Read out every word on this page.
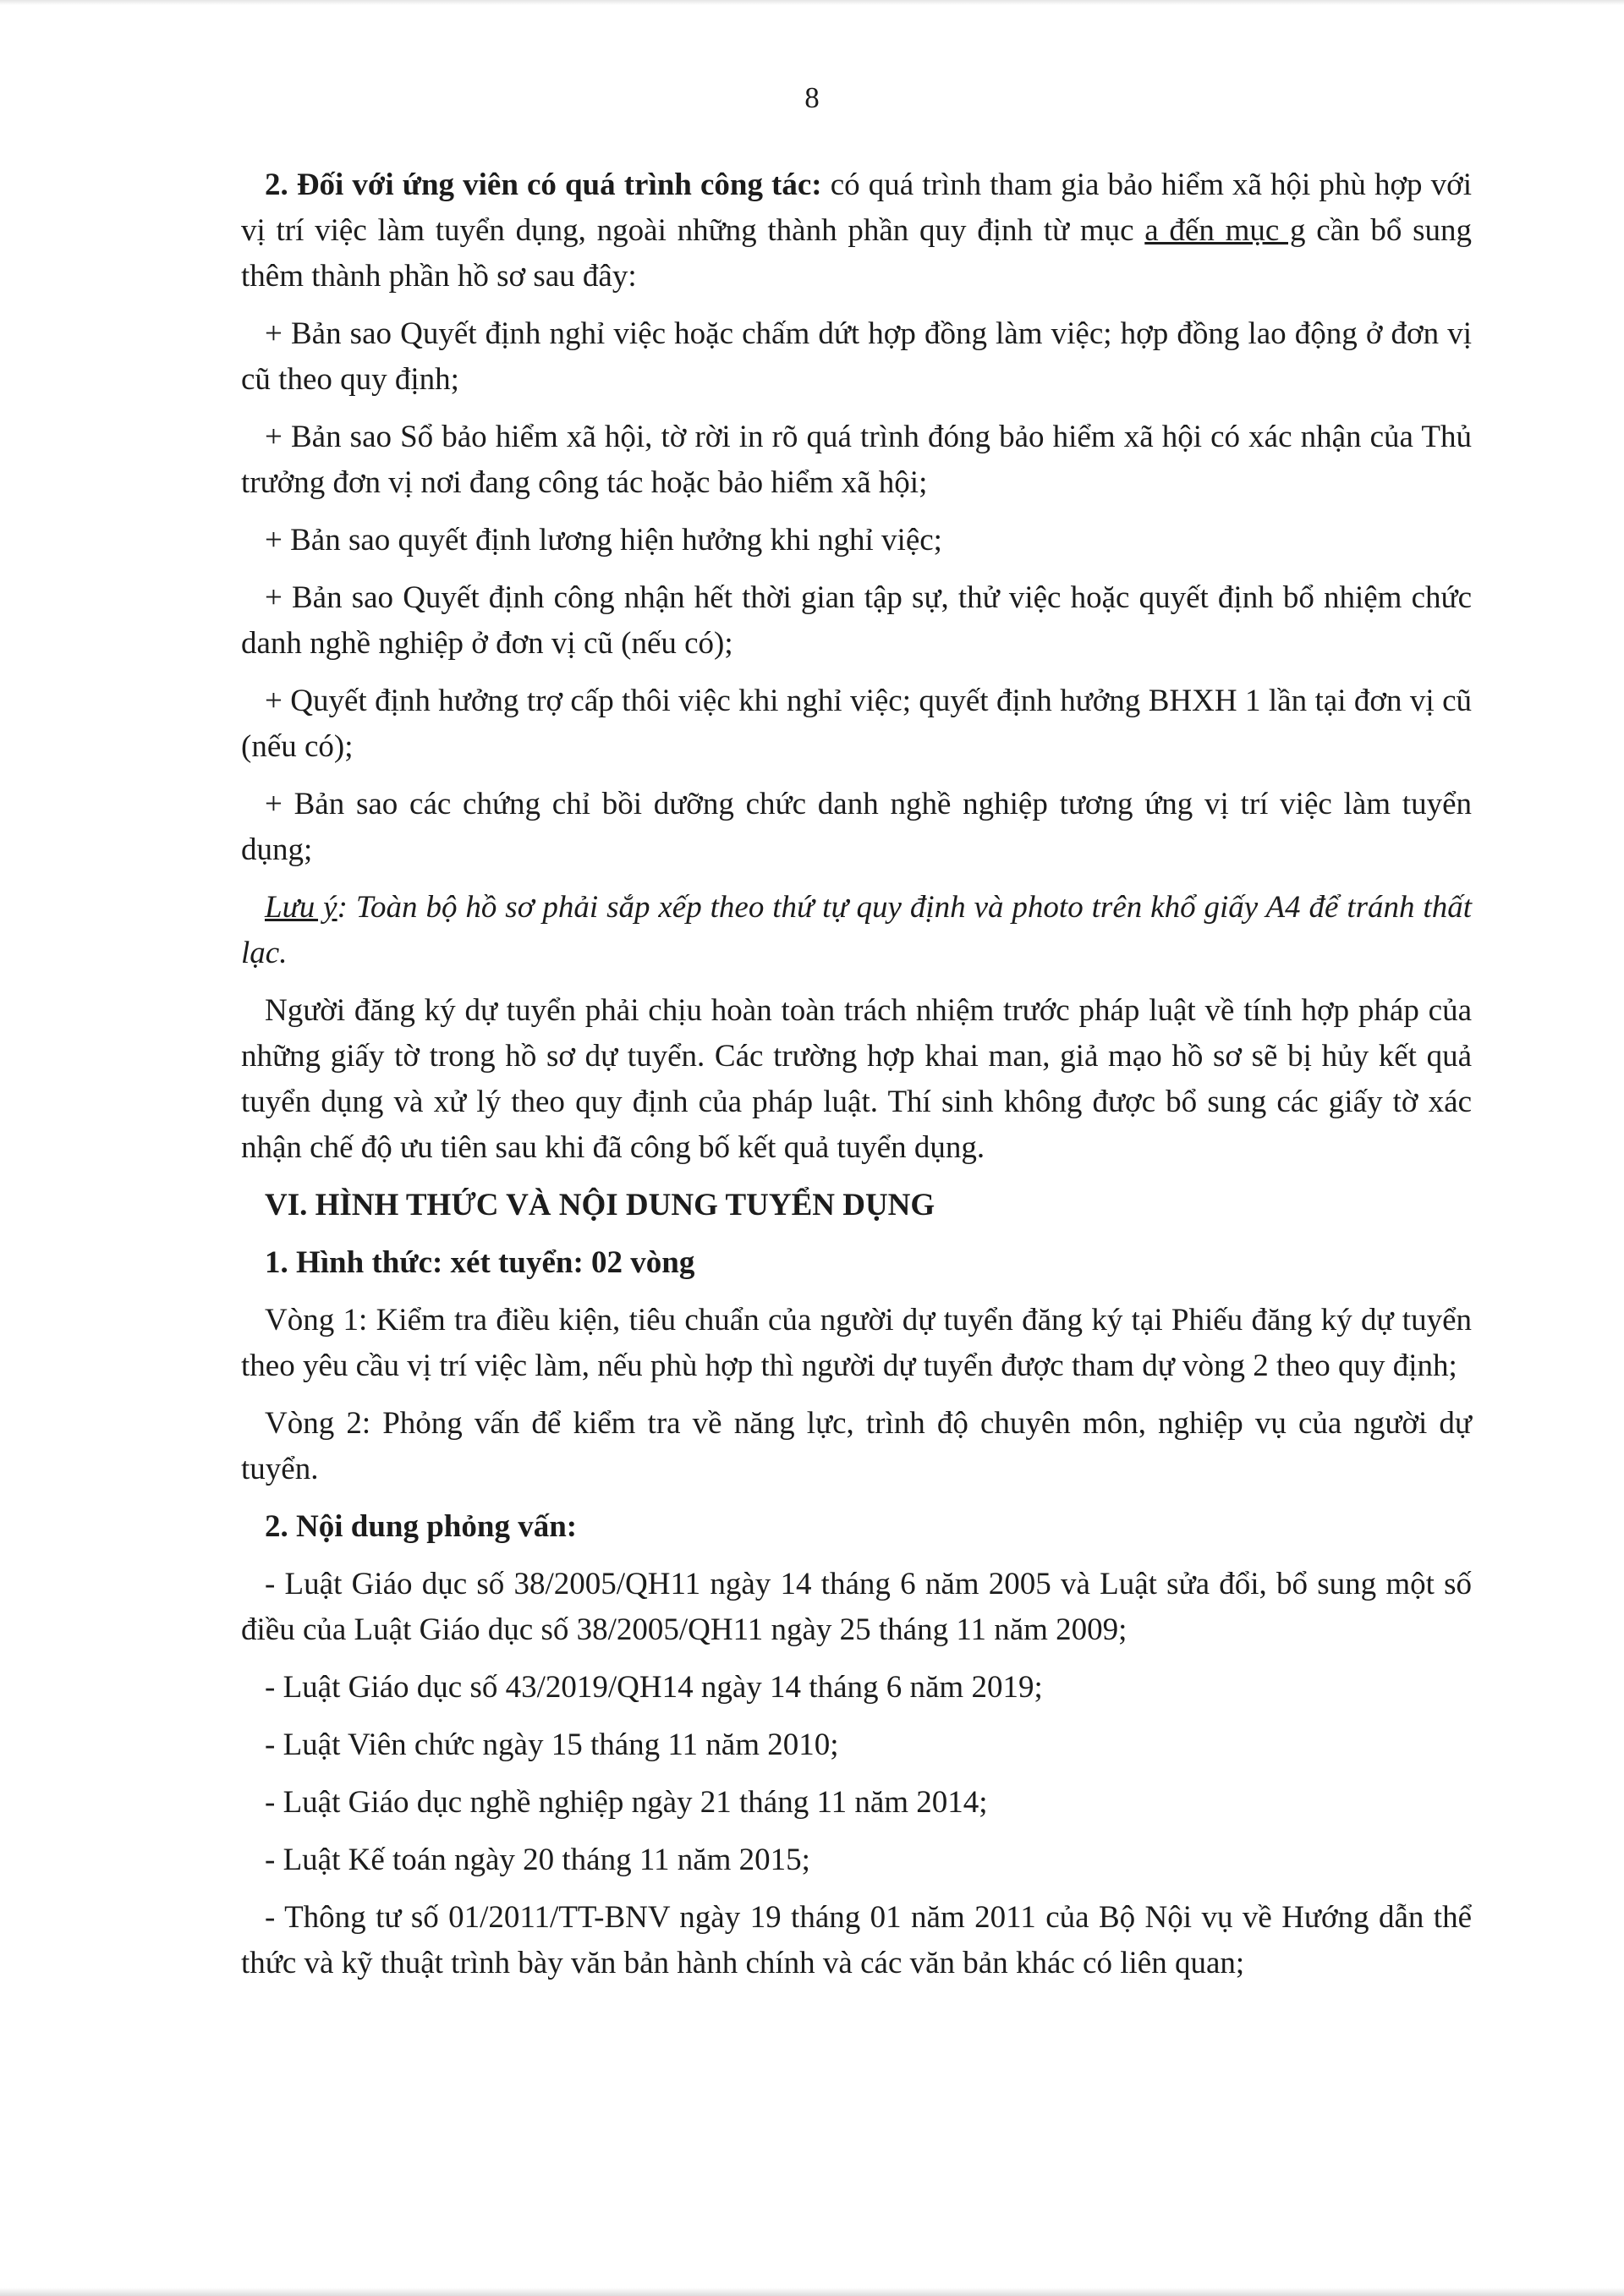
8

2. Đối với ứng viên có quá trình công tác: có quá trình tham gia bảo hiểm xã hội phù hợp với vị trí việc làm tuyển dụng, ngoài những thành phần quy định từ mục a đến mục g cần bổ sung thêm thành phần hồ sơ sau đây:

+ Bản sao Quyết định nghỉ việc hoặc chấm dứt hợp đồng làm việc; hợp đồng lao động ở đơn vị cũ theo quy định;

+ Bản sao Sổ bảo hiểm xã hội, tờ rời in rõ quá trình đóng bảo hiểm xã hội có xác nhận của Thủ trưởng đơn vị nơi đang công tác hoặc bảo hiểm xã hội;

+ Bản sao quyết định lương hiện hưởng khi nghỉ việc;

+ Bản sao Quyết định công nhận hết thời gian tập sự, thử việc hoặc quyết định bổ nhiệm chức danh nghề nghiệp ở đơn vị cũ (nếu có);

+ Quyết định hưởng trợ cấp thôi việc khi nghỉ việc; quyết định hưởng BHXH 1 lần tại đơn vị cũ (nếu có);

+ Bản sao các chứng chỉ bồi dưỡng chức danh nghề nghiệp tương ứng vị trí việc làm tuyển dụng;

Lưu ý: Toàn bộ hồ sơ phải sắp xếp theo thứ tự quy định và photo trên khổ giấy A4 để tránh thất lạc.

Người đăng ký dự tuyển phải chịu hoàn toàn trách nhiệm trước pháp luật về tính hợp pháp của những giấy tờ trong hồ sơ dự tuyển. Các trường hợp khai man, giả mạo hồ sơ sẽ bị hủy kết quả tuyển dụng và xử lý theo quy định của pháp luật. Thí sinh không được bổ sung các giấy tờ xác nhận chế độ ưu tiên sau khi đã công bố kết quả tuyển dụng.

VI. HÌNH THỨC VÀ NỘI DUNG TUYỂN DỤNG

1. Hình thức: xét tuyển: 02 vòng

Vòng 1: Kiểm tra điều kiện, tiêu chuẩn của người dự tuyển đăng ký tại Phiếu đăng ký dự tuyển theo yêu cầu vị trí việc làm, nếu phù hợp thì người dự tuyển được tham dự vòng 2 theo quy định;

Vòng 2: Phỏng vấn để kiểm tra về năng lực, trình độ chuyên môn, nghiệp vụ của người dự tuyển.

2. Nội dung phỏng vấn:

- Luật Giáo dục số 38/2005/QH11 ngày 14 tháng 6 năm 2005 và Luật sửa đổi, bổ sung một số điều của Luật Giáo dục số 38/2005/QH11 ngày 25 tháng 11 năm 2009;

- Luật Giáo dục số 43/2019/QH14 ngày 14 tháng 6 năm 2019;

- Luật Viên chức ngày 15 tháng 11 năm 2010;

- Luật Giáo dục nghề nghiệp ngày 21 tháng 11 năm 2014;

- Luật Kế toán ngày 20 tháng 11 năm 2015;

- Thông tư số 01/2011/TT-BNV ngày 19 tháng 01 năm 2011 của Bộ Nội vụ về Hướng dẫn thể thức và kỹ thuật trình bày văn bản hành chính và các văn bản khác có liên quan;
